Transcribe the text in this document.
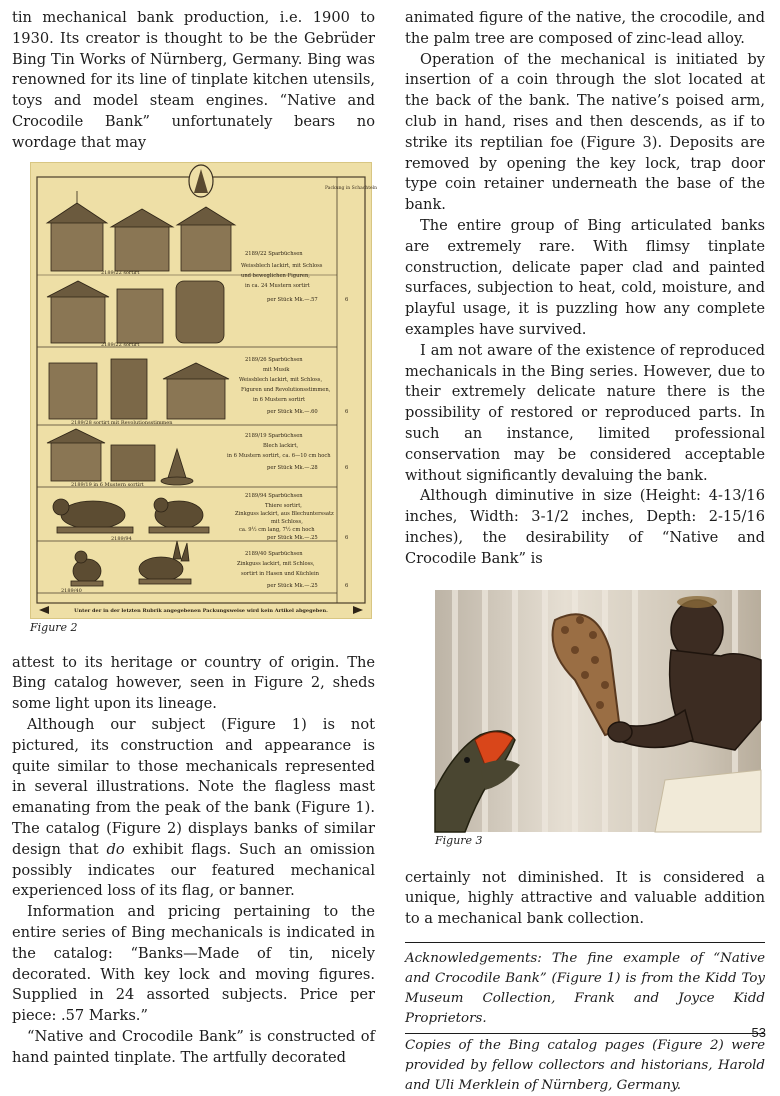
tin mechanical bank production, i.e. 1900 to 1930. Its creator is thought to be the Gebrüder Bing Tin Works of Nürnberg, Germany. Bing was renowned for its line of tinplate kitchen utensils, toys and model steam engines. “Native and Crocodile Bank” unfortunately bears no wordage that may

Packung in Schachteln
2189/22 sortirt
2189/22 sortirt
2189/28 sortirt mit Revolutionsstimmen
2189/19 in 6 Mustern sortirt
2189/94
2189/40
2189/22 Sparbüchsen
Weissblech lackirt, mit Schloss
und beweglichen Figuren,
in ca. 24 Mustern sortirt
per Stück Mk.—.57	6
2189/26 Sparbüchsen
mit Musik
Weissblech lackirt, mit Schloss,
Figuren und Revolutionsstimmen,
in 6 Mustern sortirt
per Stück Mk.—.60	6
2189/19 Sparbüchsen
Blech lackirt,
in 6 Mustern sortirt, ca. 6—10 cm hoch
per Stück Mk.—.28	6
2189/94 Sparbüchsen
Thiere sortirt,
Zinkguss lackirt, aus Blechunterssatz
mit Schloss,
ca. 9½ cm lang, 7½ cm hoch
per Stück Mk.—.25	6
2189/40 Sparbüchsen
Zinkguss lackirt, mit Schloss,
sortirt in Hasen und Küchlein
per Stück Mk.—.25	6
Unter der in der letzten Rubrik angegebenen Packungsweise wird kein Artikel abgegeben.
Figure 2

attest to its heritage or country of origin. The Bing catalog however, seen in Figure 2, sheds some light upon its lineage.

Although our subject (Figure 1) is not pictured, its construction and appearance is quite similar to those mechanicals represented in several illustrations. Note the flagless mast emanating from the peak of the bank (Figure 1). The catalog (Figure 2) displays banks of similar design that do exhibit flags. Such an omission possibly indicates our featured mechanical experienced loss of its flag, or banner.

Information and pricing pertaining to the entire series of Bing mechanicals is indicated in the catalog: “Banks—Made of tin, nicely decorated. With key lock and moving figures. Supplied in 24 assorted subjects. Price per piece: .57 Marks.”

“Native and Crocodile Bank” is constructed of hand painted tinplate. The artfully decorated

animated figure of the native, the crocodile, and the palm tree are composed of zinc-lead alloy.

Operation of the mechanical is initiated by insertion of a coin through the slot located at the back of the bank. The native’s poised arm, club in hand, rises and then descends, as if to strike its reptilian foe (Figure 3). Deposits are removed by opening the key lock, trap door type coin retainer underneath the base of the bank.

The entire group of Bing articulated banks are extremely rare. With flimsy tinplate construction, delicate paper clad and painted surfaces, subjection to heat, cold, moisture, and playful usage, it is puzzling how any complete examples have survived.

I am not aware of the existence of reproduced mechanicals in the Bing series. However, due to their extremely delicate nature there is the possibility of restored or reproduced parts. In such an instance, limited professional conservation may be considered acceptable without significantly devaluing the bank.

Although diminutive in size (Height: 4-13/16 inches, Width: 3-1/2 inches, Depth: 2-15/16 inches), the desirability of “Native and Crocodile Bank” is

Figure 3

certainly not diminished. It is considered a unique, highly attractive and valuable addition to a mechanical bank collection.

Acknowledgements: The fine example of “Native and Crocodile Bank” (Figure 1) is from the Kidd Toy Museum Collection, Frank and Joyce Kidd Proprietors.

Copies of the Bing catalog pages (Figure 2) were provided by fellow collectors and historians, Harold and Uli Merklein of Nürnberg, Germany.

53
